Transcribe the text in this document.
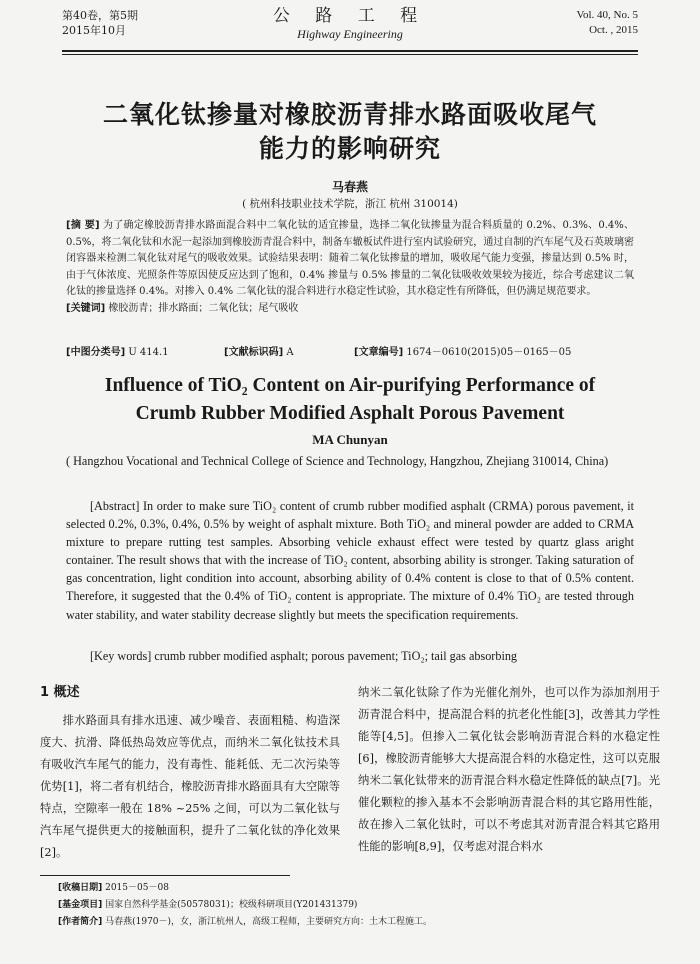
第40卷，第5期
2015年10月
公 路 工 程
Highway Engineering
Vol. 40, No. 5
Oct. , 2015
二氧化钛掺量对橡胶沥青排水路面吸收尾气
能力的影响研究
马春燕
( 杭州科技职业技术学院，浙江 杭州 310014)
[摘 要] 为了确定橡胶沥青排水路面混合料中二氧化钛的适宜掺量，选择二氧化钛掺量为混合料质量的 0.2%、0.3%、0.4%、0.5%，将二氧化钛和水泥一起添加到橡胶沥青混合料中，制备车辙板试件进行室内试验研究，通过自制的汽车尾气及石英玻璃密闭容器来检测二氧化钛对尾气的吸收效果。试验结果表明：随着二氧化钛掺量的增加，吸收尾气能力变强，掺量达到 0.5% 时，由于气体浓度、光照条件等原因使反应达到了饱和，0.4% 掺量与 0.5% 掺量的二氧化钛吸收效果较为接近，综合考虑建议二氧化钛的掺量选择 0.4%。对掺入 0.4% 二氧化钛的混合料进行水稳定性试验，其水稳定性有所降低，但仍满足规范要求。
[关键词] 橡胶沥青；排水路面；二氧化钛；尾气吸收
[中图分类号] U 414.1	[文献标识码] A	[文章编号] 1674－0610(2015)05－0165－05
Influence of TiO₂ Content on Air-purifying Performance of
Crumb Rubber Modified Asphalt Porous Pavement
MA Chunyan
( Hangzhou Vocational and Technical College of Science and Technology, Hangzhou, Zhejiang 310014, China)

[Abstract] In order to make sure TiO₂ content of crumb rubber modified asphalt (CRMA) porous pavement, it selected 0.2%, 0.3%, 0.4%, 0.5% by weight of asphalt mixture. Both TiO₂ and mineral powder are added to CRMA mixture to prepare rutting test samples. Absorbing vehicle exhaust effect were tested by quartz glass aright container. The result shows that with the increase of TiO₂ content, absorbing ability is stronger. Taking saturation of gas concentration, light condition into account, absorbing ability of 0.4% content is close to that of 0.5% content. Therefore, it suggested that the 0.4% of TiO₂ content is appropriate. The mixture of 0.4% TiO₂ are tested through water stability, and water stability decrease slightly but meets the specification requirements.

[Key words] crumb rubber modified asphalt; porous pavement; TiO₂; tail gas absorbing
1 概述

排水路面具有排水迅速、减少噪音、表面粗糙、构造深度大、抗滑、降低热岛效应等优点，而纳米二氧化钛技术具有吸收汽车尾气的能力，没有毒性、能耗低、无二次污染等优势[1]，将二者有机结合，橡胶沥青排水路面具有大空隙等特点，空隙率一般在 18% ~25% 之间，可以为二氧化钛与汽车尾气提供更大的接触面积，提升了二氧化钛的净化效果[2]。

纳米二氧化钛除了作为光催化剂外，也可以作为添加剂用于沥青混合料中，提高混合料的抗老化性能[3]，改善其力学性能等[4,5]。但掺入二氧化钛会影响沥青混合料的水稳定性[6]，橡胶沥青能够大大提高混合料的水稳定性，这可以克服纳米二氧化钛带来的沥青混合料水稳定性降低的缺点[7]。光催化颗粒的掺入基本不会影响沥青混合料的其它路用性能，故在掺入二氧化钛时，可以不考虑其对沥青混合料其它路用性能的影响[8,9]，仅考虑对混合料水

[收稿日期] 2015－05－08
[基金项目] 国家自然科学基金(50578031)；校级科研项目(Y201431379)
[作者简介] 马春燕(1970－)，女，浙江杭州人，高级工程师，主要研究方向：土木工程施工。
